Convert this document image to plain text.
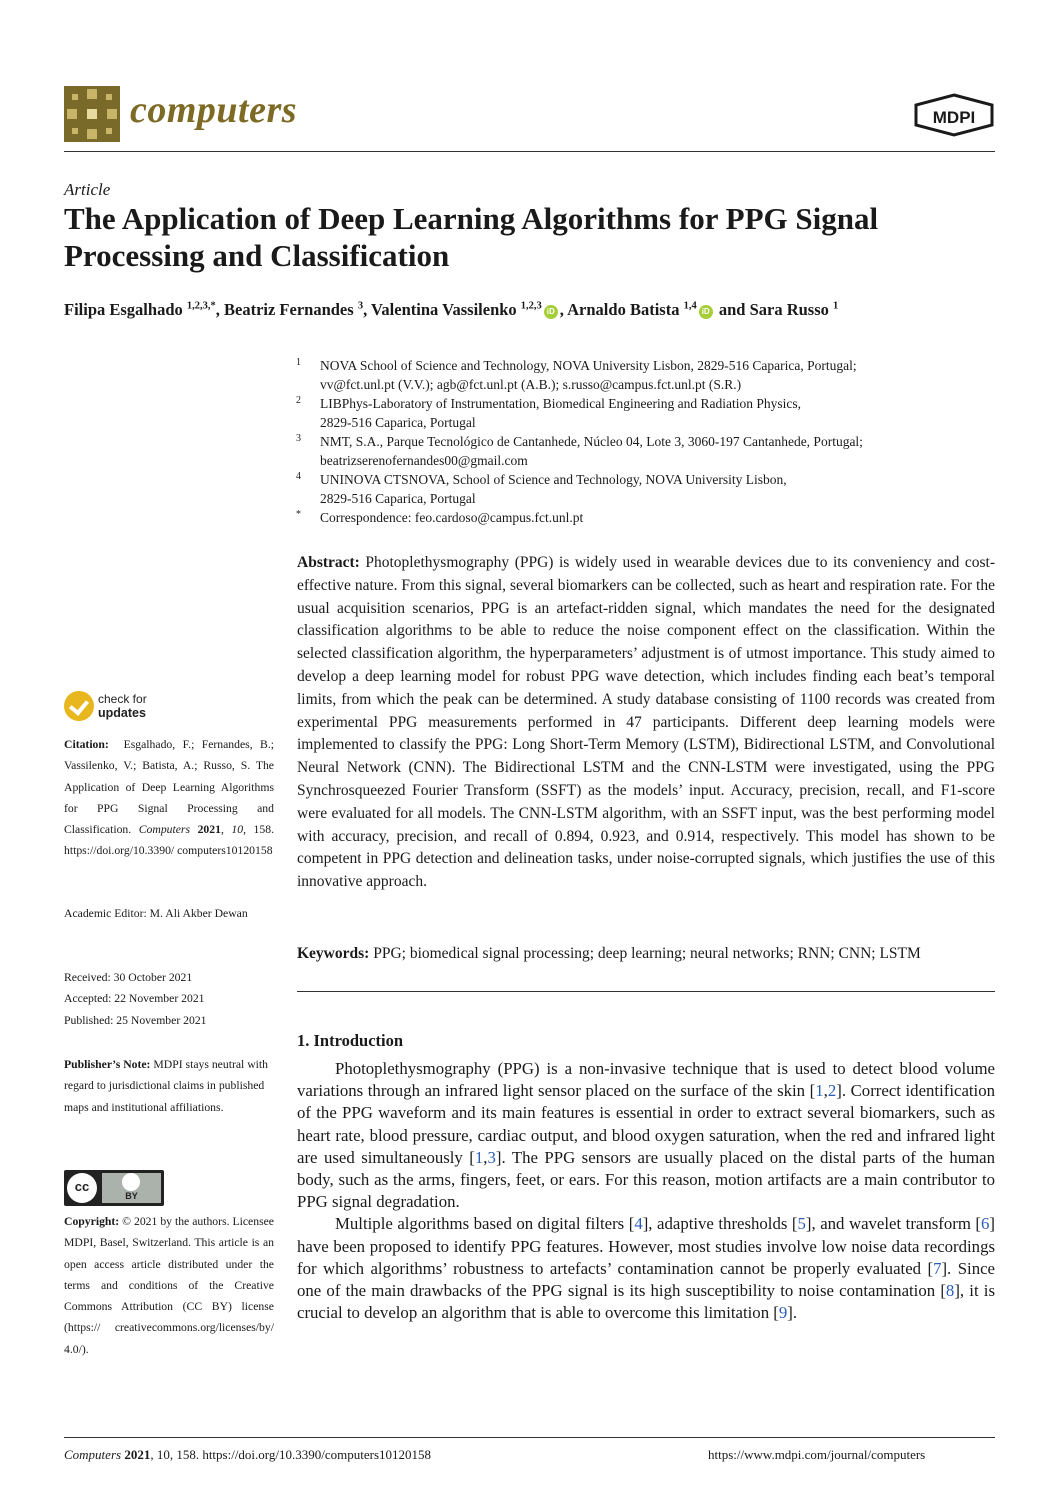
computers	MDPI
Article
The Application of Deep Learning Algorithms for PPG Signal Processing and Classification
Filipa Esgalhado $^{1,2,3,*}$, Beatriz Fernandes $^3$, Valentina Vassilenko $^{1,2,3}$ iD , Arnaldo Batista $^{1,4}$ iD and Sara Russo $^1$
1 NOVA School of Science and Technology, NOVA University Lisbon, 2829-516 Caparica, Portugal;
vv@fct.unl.pt (V.V.); agb@fct.unl.pt (A.B.); s.russo@campus.fct.unl.pt (S.R.)
2 LIBPhys-Laboratory of Instrumentation, Biomedical Engineering and Radiation Physics,
2829-516 Caparica, Portugal
3 NMT, S.A., Parque Tecnológico de Cantanhede, Núcleo 04, Lote 3, 3060-197 Cantanhede, Portugal;
beatrizserenofernandes00@gmail.com
4 UNINOVA CTSNOVA, School of Science and Technology, NOVA University Lisbon,
2829-516 Caparica, Portugal
* Correspondence: feo.cardoso@campus.fct.unl.pt
check for
updates
Citation: Esgalhado, F.; Fernandes, B.; Vassilenko, V.; Batista, A.; Russo, S. The Application of Deep Learning Algorithms for PPG Signal Processing and Classification. Computers 2021, 10, 158. https://doi.org/10.3390/ computers10120158
Academic Editor: M. Ali Akber Dewan
Received: 30 October 2021
Accepted: 22 November 2021
Published: 25 November 2021
Publisher’s Note: MDPI stays neutral with regard to jurisdictional claims in published maps and institutional affiliations.
cc
BY
Copyright: © 2021 by the authors. Licensee MDPI, Basel, Switzerland. This article is an open access article distributed under the terms and conditions of the Creative Commons Attribution (CC BY) license (https:// creativecommons.org/licenses/by/ 4.0/).
Abstract: Photoplethysmography (PPG) is widely used in wearable devices due to its conveniency and cost-effective nature. From this signal, several biomarkers can be collected, such as heart and respiration rate. For the usual acquisition scenarios, PPG is an artefact-ridden signal, which mandates the need for the designated classification algorithms to be able to reduce the noise component effect on the classification. Within the selected classification algorithm, the hyperparameters’ adjustment is of utmost importance. This study aimed to develop a deep learning model for robust PPG wave detection, which includes finding each beat’s temporal limits, from which the peak can be determined. A study database consisting of 1100 records was created from experimental PPG measurements performed in 47 participants. Different deep learning models were implemented to classify the PPG: Long Short-Term Memory (LSTM), Bidirectional LSTM, and Convolutional Neural Network (CNN). The Bidirectional LSTM and the CNN-LSTM were investigated, using the PPG Synchrosqueezed Fourier Transform (SSFT) as the models’ input. Accuracy, precision, recall, and F1-score were evaluated for all models. The CNN-LSTM algorithm, with an SSFT input, was the best performing model with accuracy, precision, and recall of 0.894, 0.923, and 0.914, respectively. This model has shown to be competent in PPG detection and delineation tasks, under noise-corrupted signals, which justifies the use of this innovative approach.
Keywords: PPG; biomedical signal processing; deep learning; neural networks; RNN; CNN; LSTM
1. Introduction

Photoplethysmography (PPG) is a non-invasive technique that is used to detect blood volume variations through an infrared light sensor placed on the surface of the skin [1,2]. Correct identification of the PPG waveform and its main features is essential in order to extract several biomarkers, such as heart rate, blood pressure, cardiac output, and blood oxygen saturation, when the red and infrared light are used simultaneously [1,3]. The PPG sensors are usually placed on the distal parts of the human body, such as the arms, fingers, feet, or ears. For this reason, motion artifacts are a main contributor to PPG signal degradation.

Multiple algorithms based on digital filters [4], adaptive thresholds [5], and wavelet transform [6] have been proposed to identify PPG features. However, most studies involve low noise data recordings for which algorithms’ robustness to artefacts’ contamination cannot be properly evaluated [7]. Since one of the main drawbacks of the PPG signal is its high susceptibility to noise contamination [8], it is crucial to develop an algorithm that is able to overcome this limitation [9].

Computers 2021, 10, 158. https://doi.org/10.3390/computers10120158	https://www.mdpi.com/journal/computers
